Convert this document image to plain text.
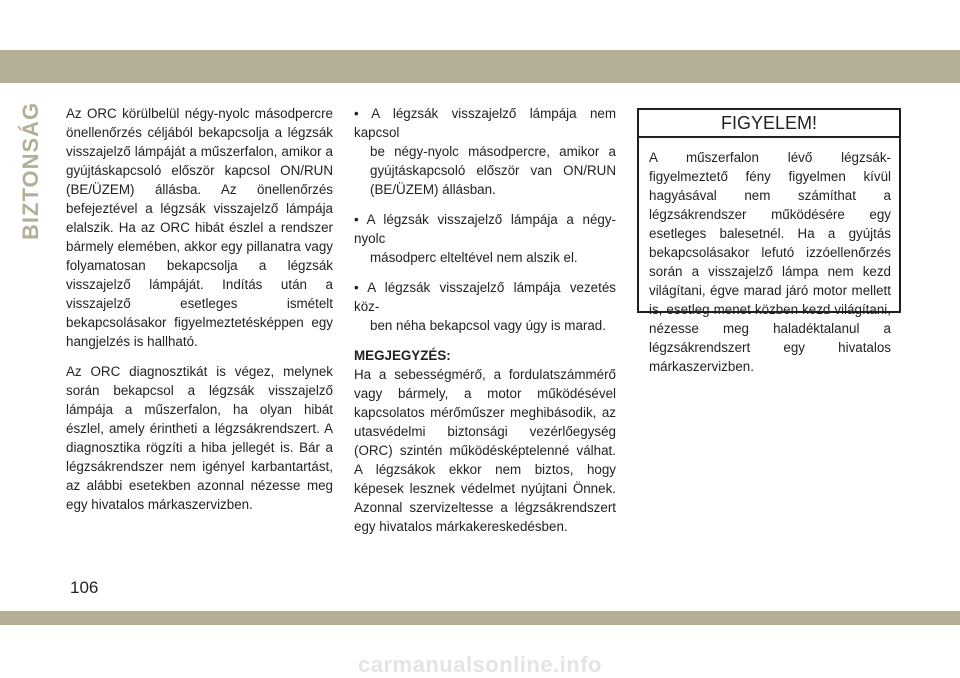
BIZTONSÁG Az ORC körülbelül négy-nyolc másodpercre önellenőrzés céljából bekapcsolja a légzsák visszajelző lámpáját a műszerfalon, amikor a gyújtáskapcsoló először kapcsol ON/RUN (BE/ÜZEM) állásba. Az önellenőrzés befejeztével a légzsák visszajelző lámpája elalszik. Ha az ORC hibát észlel a rendszer bármely elemében, akkor egy pillanatra vagy folyamatosan bekapcsolja a légzsák visszajelző lámpáját. Indítás után a visszajelző esetleges ismételt bekapcsolásakor figyelmeztetésképpen egy hangjelzés is hallható.

Az ORC diagnosztikát is végez, melynek során bekapcsol a légzsák visszajelző lámpája a műszerfalon, ha olyan hibát észlel, amely érintheti a légzsákrendszert. A diagnosztika rögzíti a hiba jellegét is. Bár a légzsákrendszer nem igényel karbantartást, az alábbi esetekben azonnal nézesse meg egy hivatalos márkaszervizben.

• A légzsák visszajelző lámpája nem kapcsol
be négy-nyolc másodpercre, amikor a gyújtáskapcsoló először van ON/RUN (BE/ÜZEM) állásban.
• A légzsák visszajelző lámpája a négy-nyolc
másodperc elteltével nem alszik el.
• A légzsák visszajelző lámpája vezetés köz-
ben néha bekapcsol vagy úgy is marad.
MEGJEGYZÉS:
Ha a sebességmérő, a fordulatszámmérő vagy bármely, a motor működésével kapcsolatos mérőműszer meghibásodik, az utasvédelmi biztonsági vezérlőegység (ORC) szintén működésképtelenné válhat. A légzsákok ekkor nem biztos, hogy képesek lesznek védelmet nyújtani Önnek. Azonnal szervizeltesse a légzsákrendszert egy hivatalos márkakereskedésben.
FIGYELEM!
A műszerfalon lévő légzsák-figyelmeztető fény figyelmen kívül hagyásával nem számíthat a légzsákrendszer működésére egy esetleges balesetnél. Ha a gyújtás bekapcsolásakor lefutó izzóellenőrzés során a visszajelző lámpa nem kezd világítani, égve marad járó motor mellett is, esetleg menet közben kezd világítani, nézesse meg haladéktalanul a légzsákrendszert egy hivatalos márkaszervizben.
106
carmanualsonline.info
